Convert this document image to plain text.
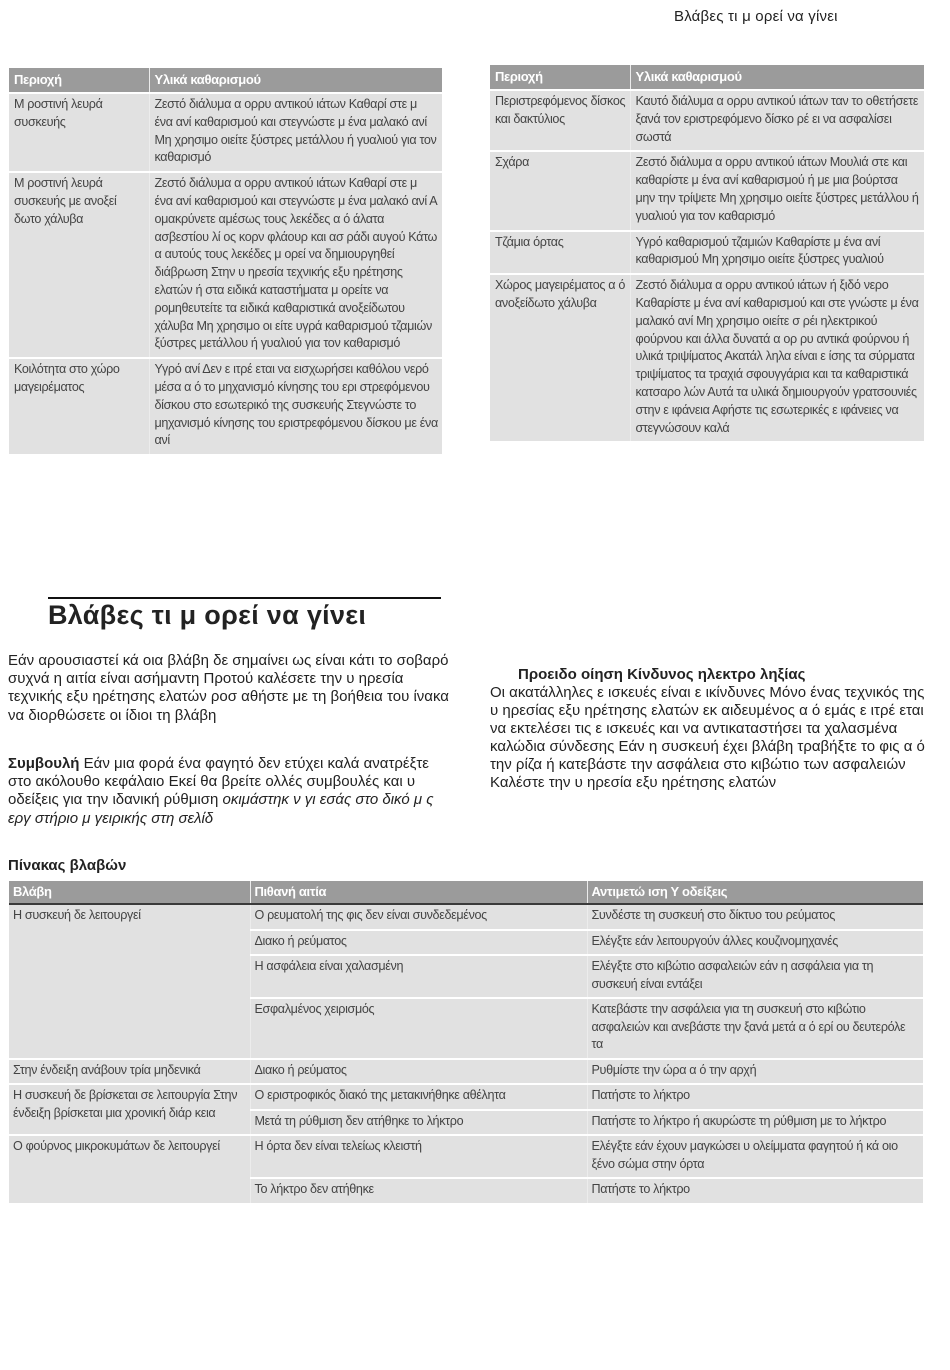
Βλάβες τι μ ορεί να γίνει
Περιοχή	Υλικά καθαρισμού
Μ ροστινή λευρά συσκευής	Ζεστό διάλυμα α ορρυ αντικού ιάτων Καθαρί στε μ ένα ανί καθαρισμού και στεγνώστε μ ένα μαλακό ανί Μη χρησιμο οιείτε ξύστρες μετάλλου ή γυαλιού για τον καθαρισμό
Μ ροστινή λευρά συσκευής με ανοξεί δωτο χάλυβα	Ζεστό διάλυμα α ορρυ αντικού ιάτων Καθαρί στε μ ένα ανί καθαρισμού και στεγνώστε μ ένα μαλακό ανί Α ομακρύνετε αμέσως τους λεκέδες α ό άλατα ασβεστίου λί ος κορν φλάουρ και ασ ράδι αυγού Κάτω α αυτούς τους λεκέδες μ ορεί να δημιουργηθεί διάβρωση Στην υ ηρεσία τεχνικής εξυ ηρέτησης ελατών ή στα ειδικά καταστήματα μ ορείτε να ρομηθευτείτε τα ειδικά καθαριστικά ανοξείδωτου χάλυβα Μη χρησιμο οι είτε υγρά καθαρισμού τζαμιών ξύστρες μετάλλου ή γυαλιού για τον καθαρισμό
Κοιλότητα στο χώρο μαγειρέματος	Υγρό ανί Δεν ε ιτρέ εται να εισχωρήσει καθόλου νερό μέσα α ό το μηχανισμό κίνησης του ερι στρεφόμενου δίσκου στο εσωτερικό της συσκευής Στεγνώστε το μηχανισμό κίνησης του εριστρεφόμενου δίσκου με ένα ανί
Περιοχή	Υλικά καθαρισμού
Περιστρεφόμενος δίσκος και δακτύλιος	Καυτό διάλυμα α ορρυ αντικού ιάτων ταν το οθετήσετε ξανά τον εριστρεφόμενο δίσκο ρέ ει να ασφαλίσει σωστά
Σχάρα	Ζεστό διάλυμα α ορρυ αντικού ιάτων Μουλιά στε και καθαρίστε μ ένα ανί καθαρισμού ή με μια βούρτσα μην την τρίψετε Μη χρησιμο οιείτε ξύστρες μετάλλου ή γυαλιού για τον καθαρισμό
Τζάμια όρτας	Υγρό καθαρισμού τζαμιών Καθαρίστε μ ένα ανί καθαρισμού Μη χρησιμο οιείτε ξύστρες γυαλιού
Χώρος μαγειρέματος α ό ανοξείδωτο χάλυβα	Ζεστό διάλυμα α ορρυ αντικού ιάτων ή ξιδό νερο Καθαρίστε μ ένα ανί καθαρισμού και στε γνώστε μ ένα μαλακό ανί Μη χρησιμο οιείτε σ ρέι ηλεκτρικού φούρνου και άλλα δυνατά α ορ ρυ αντικά φούρνου ή υλικά τριψίματος Ακατάλ ληλα είναι ε ίσης τα σύρματα τριψίματος τα τραχιά σφουγγάρια και τα καθαριστικά κατσαρο λών Αυτά τα υλικά δημιουργούν γρατσουνιές στην ε ιφάνεια Αφήστε τις εσωτερικές ε ιφάνειες να στεγνώσουν καλά
Βλάβες τι μ ορεί να γίνει

Εάν αρουσιαστεί κά οια βλάβη δε σημαίνει ως είναι κάτι το σοβαρό συχνά η αιτία είναι ασήμαντη Προτού καλέσετε την υ ηρεσία τεχνικής εξυ ηρέτησης ελατών ροσ αθήστε με τη βοήθεια του ίνακα να διορθώσετε οι ίδιοι τη βλάβη

Συμβουλή Εάν μια φορά ένα φαγητό δεν ετύχει καλά ανατρέξτε στο ακόλουθο κεφάλαιο Εκεί θα βρείτε ολλές συμβουλές και υ οδείξεις για την ιδανική ρύθμιση οκιμάστηκ ν γι εσάς στο δικό μ ς εργ στήριο μ γειρικής στη σελίδ

Πίνακας βλαβών
Προειδο οίηση Κίνδυνος ηλεκτρο ληξίας
Οι ακατάλληλες ε ισκευές είναι ε ικίνδυνες Μόνο ένας τεχνικός της υ ηρεσίας εξυ ηρέτησης ελατών εκ αιδευμένος α ό εμάς ε ιτρέ εται να εκτελέσει τις ε ισκευές και να αντικαταστήσει τα χαλασμένα καλώδια σύνδεσης Εάν η συσκευή έχει βλάβη τραβήξτε το φις α ό την ρίζα ή κατεβάστε την ασφάλεια στο κιβώτιο των ασφαλειών Καλέστε την υ ηρεσία εξυ ηρέτησης ελατών
Βλάβη	Πιθανή αιτία	Αντιμετώ ιση Υ οδείξεις
Η συσκευή δε λειτουργεί	Ο ρευματολή της φις δεν είναι συνδεδεμένος	Συνδέστε τη συσκευή στο δίκτυο του ρεύματος
	Διακο ή ρεύματος	Ελέγξτε εάν λειτουργούν άλλες κουζινομηχανές
	Η ασφάλεια είναι χαλασμένη	Ελέγξτε στο κιβώτιο ασφαλειών εάν η ασφάλεια για τη συσκευή είναι εντάξει
	Εσφαλμένος χειρισμός	Κατεβάστε την ασφάλεια για τη συσκευή στο κιβώτιο ασφαλειών και ανεβάστε την ξανά μετά α ό ερί ου δευτερόλε τα
Στην ένδειξη ανάβουν τρία μηδενικά	Διακο ή ρεύματος	Ρυθμίστε την ώρα α ό την αρχή
Η συσκευή δε βρίσκεται σε λειτουργία Στην ένδειξη βρίσκεται μια χρονική διάρ κεια	Ο εριστροφικός διακό της μετακινήθηκε αθέλητα	Πατήστε το λήκτρο
	Μετά τη ρύθμιση δεν ατήθηκε το λήκτρο	Πατήστε το λήκτρο ή ακυρώστε τη ρύθμιση με το λήκτρο
Ο φούρνος μικροκυμάτων δε λειτουργεί	Η όρτα δεν είναι τελείως κλειστή	Ελέγξτε εάν έχουν μαγκώσει υ ολείμματα φαγητού ή κά οιο ξένο σώμα στην όρτα
	Το λήκτρο δεν ατήθηκε	Πατήστε το λήκτρο
